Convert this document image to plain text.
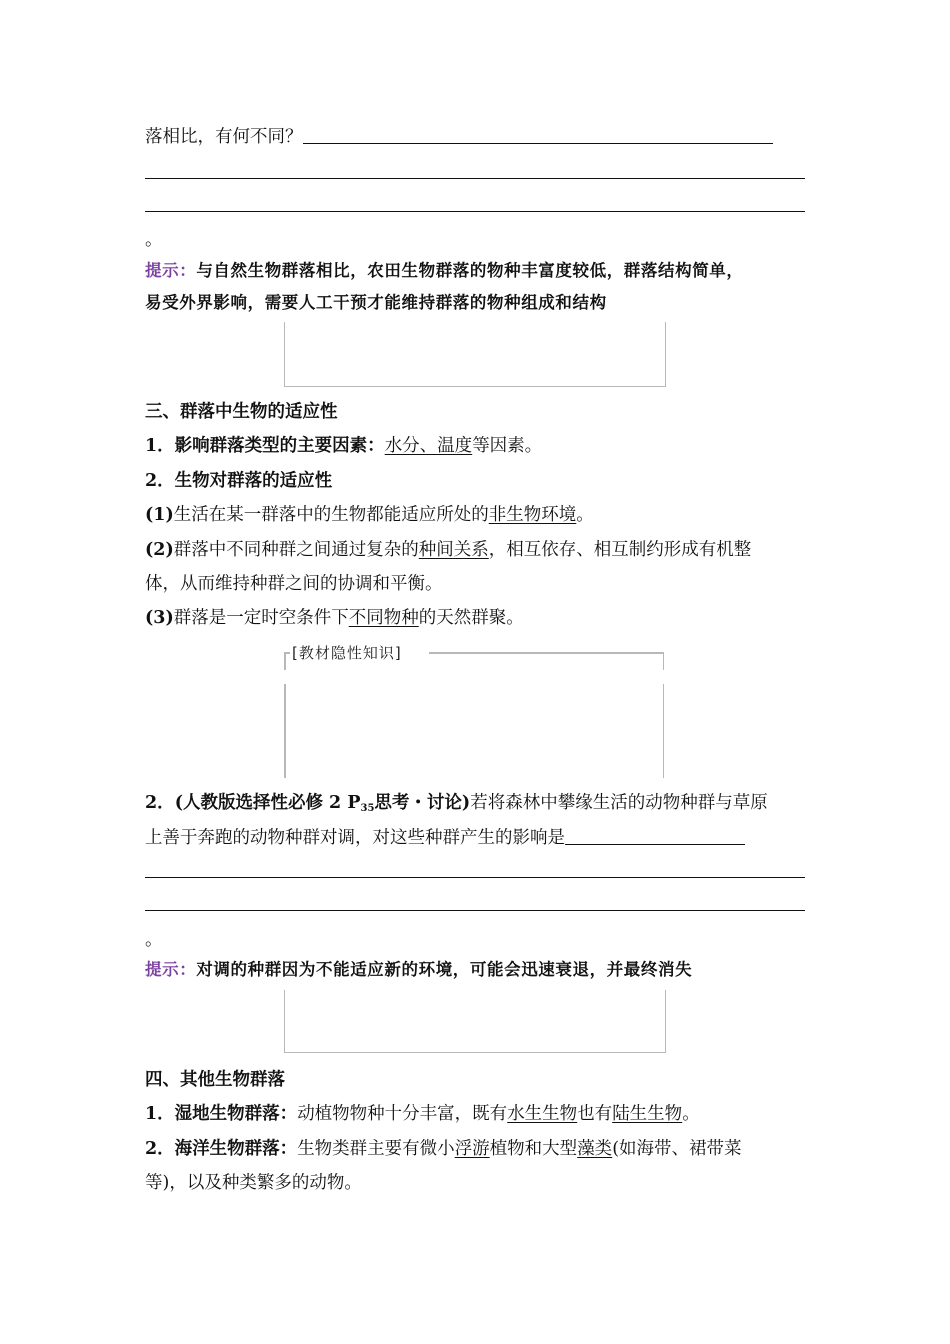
落相比，有何不同？
。
提示：与自然生物群落相比，农田生物群落的物种丰富度较低，群落结构简单，
易受外界影响，需要人工干预才能维持群落的物种组成和结构
三、群落中生物的适应性
1．影响群落类型的主要因素：水分、温度等因素。
2．生物对群落的适应性
(1)生活在某一群落中的生物都能适应所处的非生物环境。
(2)群落中不同种群之间通过复杂的种间关系，相互依存、相互制约形成有机整
体，从而维持种群之间的协调和平衡。
(3)群落是一定时空条件下不同物种的天然群聚。
[教材隐性知识]
2．(人教版选择性必修 2 $P_{35}$思考・讨论)若将森林中攀缘生活的动物种群与草原
上善于奔跑的动物种群对调，对这些种群产生的影响是
。
提示：对调的种群因为不能适应新的环境，可能会迅速衰退，并最终消失
四、其他生物群落
1．湿地生物群落：动植物物种十分丰富，既有水生生物也有陆生生物。
2．海洋生物群落：生物类群主要有微小浮游植物和大型藻类(如海带、裙带菜
等)，以及种类繁多的动物。
